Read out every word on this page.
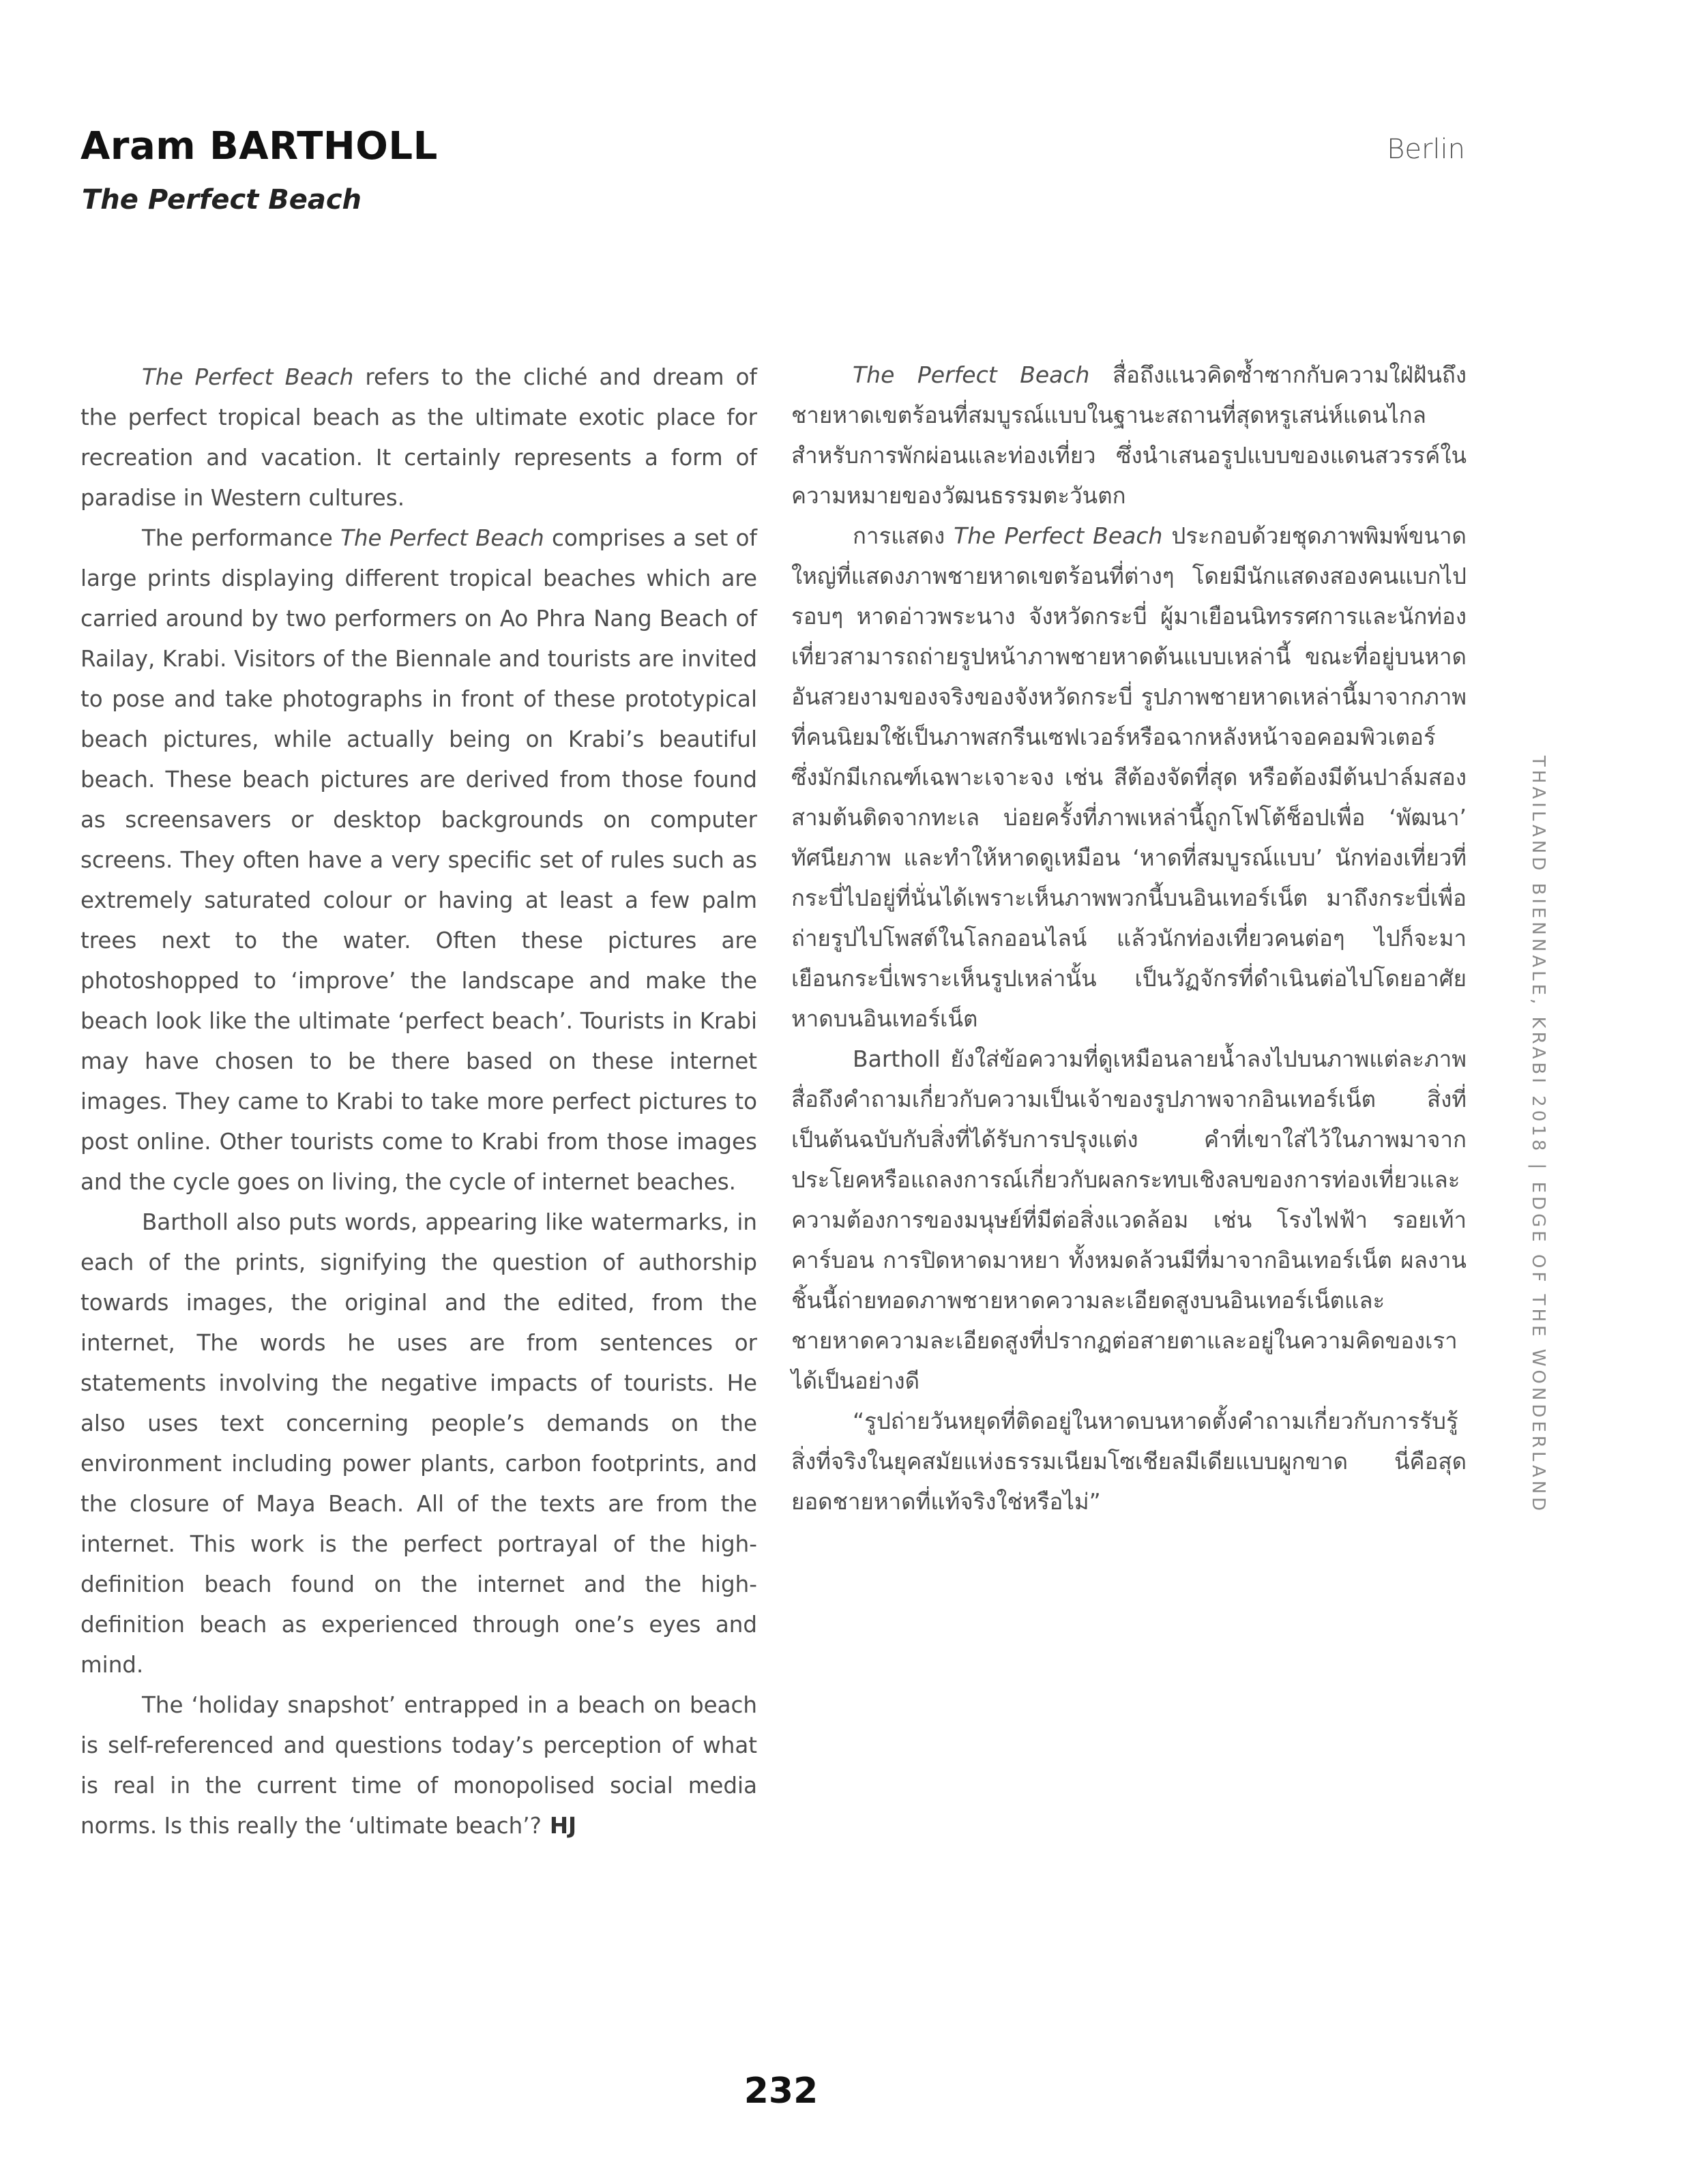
Aram BARTHOLL
The Perfect Beach
Berlin

The Perfect Beach refers to the cliché and dream of the perfect tropical beach as the ultimate exotic place for recreation and vacation. It certainly represents a form of paradise in Western cultures.

The performance The Perfect Beach comprises a set of large prints displaying different tropical beaches which are carried around by two performers on Ao Phra Nang Beach of Railay, Krabi. Visitors of the Biennale and tourists are invited to pose and take photographs in front of these prototypical beach pictures, while actually being on Krabi’s beautiful beach. These beach pictures are derived from those found as screensavers or desktop backgrounds on computer screens. They often have a very specific set of rules such as extremely saturated colour or having at least a few palm trees next to the water. Often these pictures are photoshopped to ‘improve’ the landscape and make the beach look like the ultimate ‘perfect beach’. Tourists in Krabi may have chosen to be there based on these internet images. They came to Krabi to take more perfect pictures to post online. Other tourists come to Krabi from those images and the cycle goes on living, the cycle of internet beaches.

Bartholl also puts words, appearing like watermarks, in each of the prints, signifying the question of authorship towards images, the original and the edited, from the internet, The words he uses are from sentences or statements involving the negative impacts of tourists. He also uses text concerning people’s demands on the environment including power plants, carbon footprints, and the closure of Maya Beach. All of the texts are from the internet. This work is the perfect portrayal of the high-definition beach found on the internet and the high-definition beach as experienced through one’s eyes and mind.

The ‘holiday snapshot’ entrapped in a beach on beach is self-referenced and questions today’s perception of what is real in the current time of monopolised social media norms. Is this really the ‘ultimate beach’? HJ

The Perfect Beach สื่อถึงแนวคิดซ้ำซากกับความใฝ่ฝันถึงชายหาดเขตร้อนที่สมบูรณ์แบบในฐานะสถานที่สุดหรูเสน่ห์แดนไกลสำหรับการพักผ่อนและท่องเที่ยว ซึ่งนำเสนอรูปแบบของแดนสวรรค์ในความหมายของวัฒนธรรมตะวันตก

การแสดง The Perfect Beach ประกอบด้วยชุดภาพพิมพ์ขนาดใหญ่ที่แสดงภาพชายหาดเขตร้อนที่ต่างๆ โดยมีนักแสดงสองคนแบกไปรอบๆ หาดอ่าวพระนาง จังหวัดกระบี่ ผู้มาเยือนนิทรรศการและนักท่องเที่ยวสามารถถ่ายรูปหน้าภาพชายหาดต้นแบบเหล่านี้ ขณะที่อยู่บนหาดอันสวยงามของจริงของจังหวัดกระบี่ รูปภาพชายหาดเหล่านี้มาจากภาพที่คนนิยมใช้เป็นภาพสกรีนเซฟเวอร์หรือฉากหลังหน้าจอคอมพิวเตอร์ ซึ่งมักมีเกณฑ์เฉพาะเจาะจง เช่น สีต้องจัดที่สุด หรือต้องมีต้นปาล์มสองสามต้นติดจากทะเล บ่อยครั้งที่ภาพเหล่านี้ถูกโฟโต้ช็อปเพื่อ ‘พัฒนา’ ทัศนียภาพ และทำให้หาดดูเหมือน ‘หาดที่สมบูรณ์แบบ’ นักท่องเที่ยวที่กระบี่ไปอยู่ที่นั่นได้เพราะเห็นภาพพวกนี้บนอินเทอร์เน็ต มาถึงกระบี่เพื่อถ่ายรูปไปโพสต์ในโลกออนไลน์ แล้วนักท่องเที่ยวคนต่อๆ ไปก็จะมาเยือนกระบี่เพราะเห็นรูปเหล่านั้น เป็นวัฏจักรที่ดำเนินต่อไปโดยอาศัยหาดบนอินเทอร์เน็ต

Bartholl ยังใส่ข้อความที่ดูเหมือนลายน้ำลงไปบนภาพแต่ละภาพ สื่อถึงคำถามเกี่ยวกับความเป็นเจ้าของรูปภาพจากอินเทอร์เน็ต สิ่งที่เป็นต้นฉบับกับสิ่งที่ได้รับการปรุงแต่ง คำที่เขาใส่ไว้ในภาพมาจากประโยคหรือแถลงการณ์เกี่ยวกับผลกระทบเชิงลบของการท่องเที่ยวและความต้องการของมนุษย์ที่มีต่อสิ่งแวดล้อม เช่น โรงไฟฟ้า รอยเท้าคาร์บอน การปิดหาดมาหยา ทั้งหมดล้วนมีที่มาจากอินเทอร์เน็ต ผลงานชิ้นนี้ถ่ายทอดภาพชายหาดความละเอียดสูงบนอินเทอร์เน็ตและชายหาดความละเอียดสูงที่ปรากฏต่อสายตาและอยู่ในความคิดของเราได้เป็นอย่างดี

“รูปถ่ายวันหยุดที่ติดอยู่ในหาดบนหาดตั้งคำถามเกี่ยวกับการรับรู้สิ่งที่จริงในยุคสมัยแห่งธรรมเนียมโซเชียลมีเดียแบบผูกขาด นี่คือสุดยอดชายหาดที่แท้จริงใช่หรือไม่”	THAILAND BIENNALE, KRABI 2018 | EDGE OF THE WONDERLAND
232
